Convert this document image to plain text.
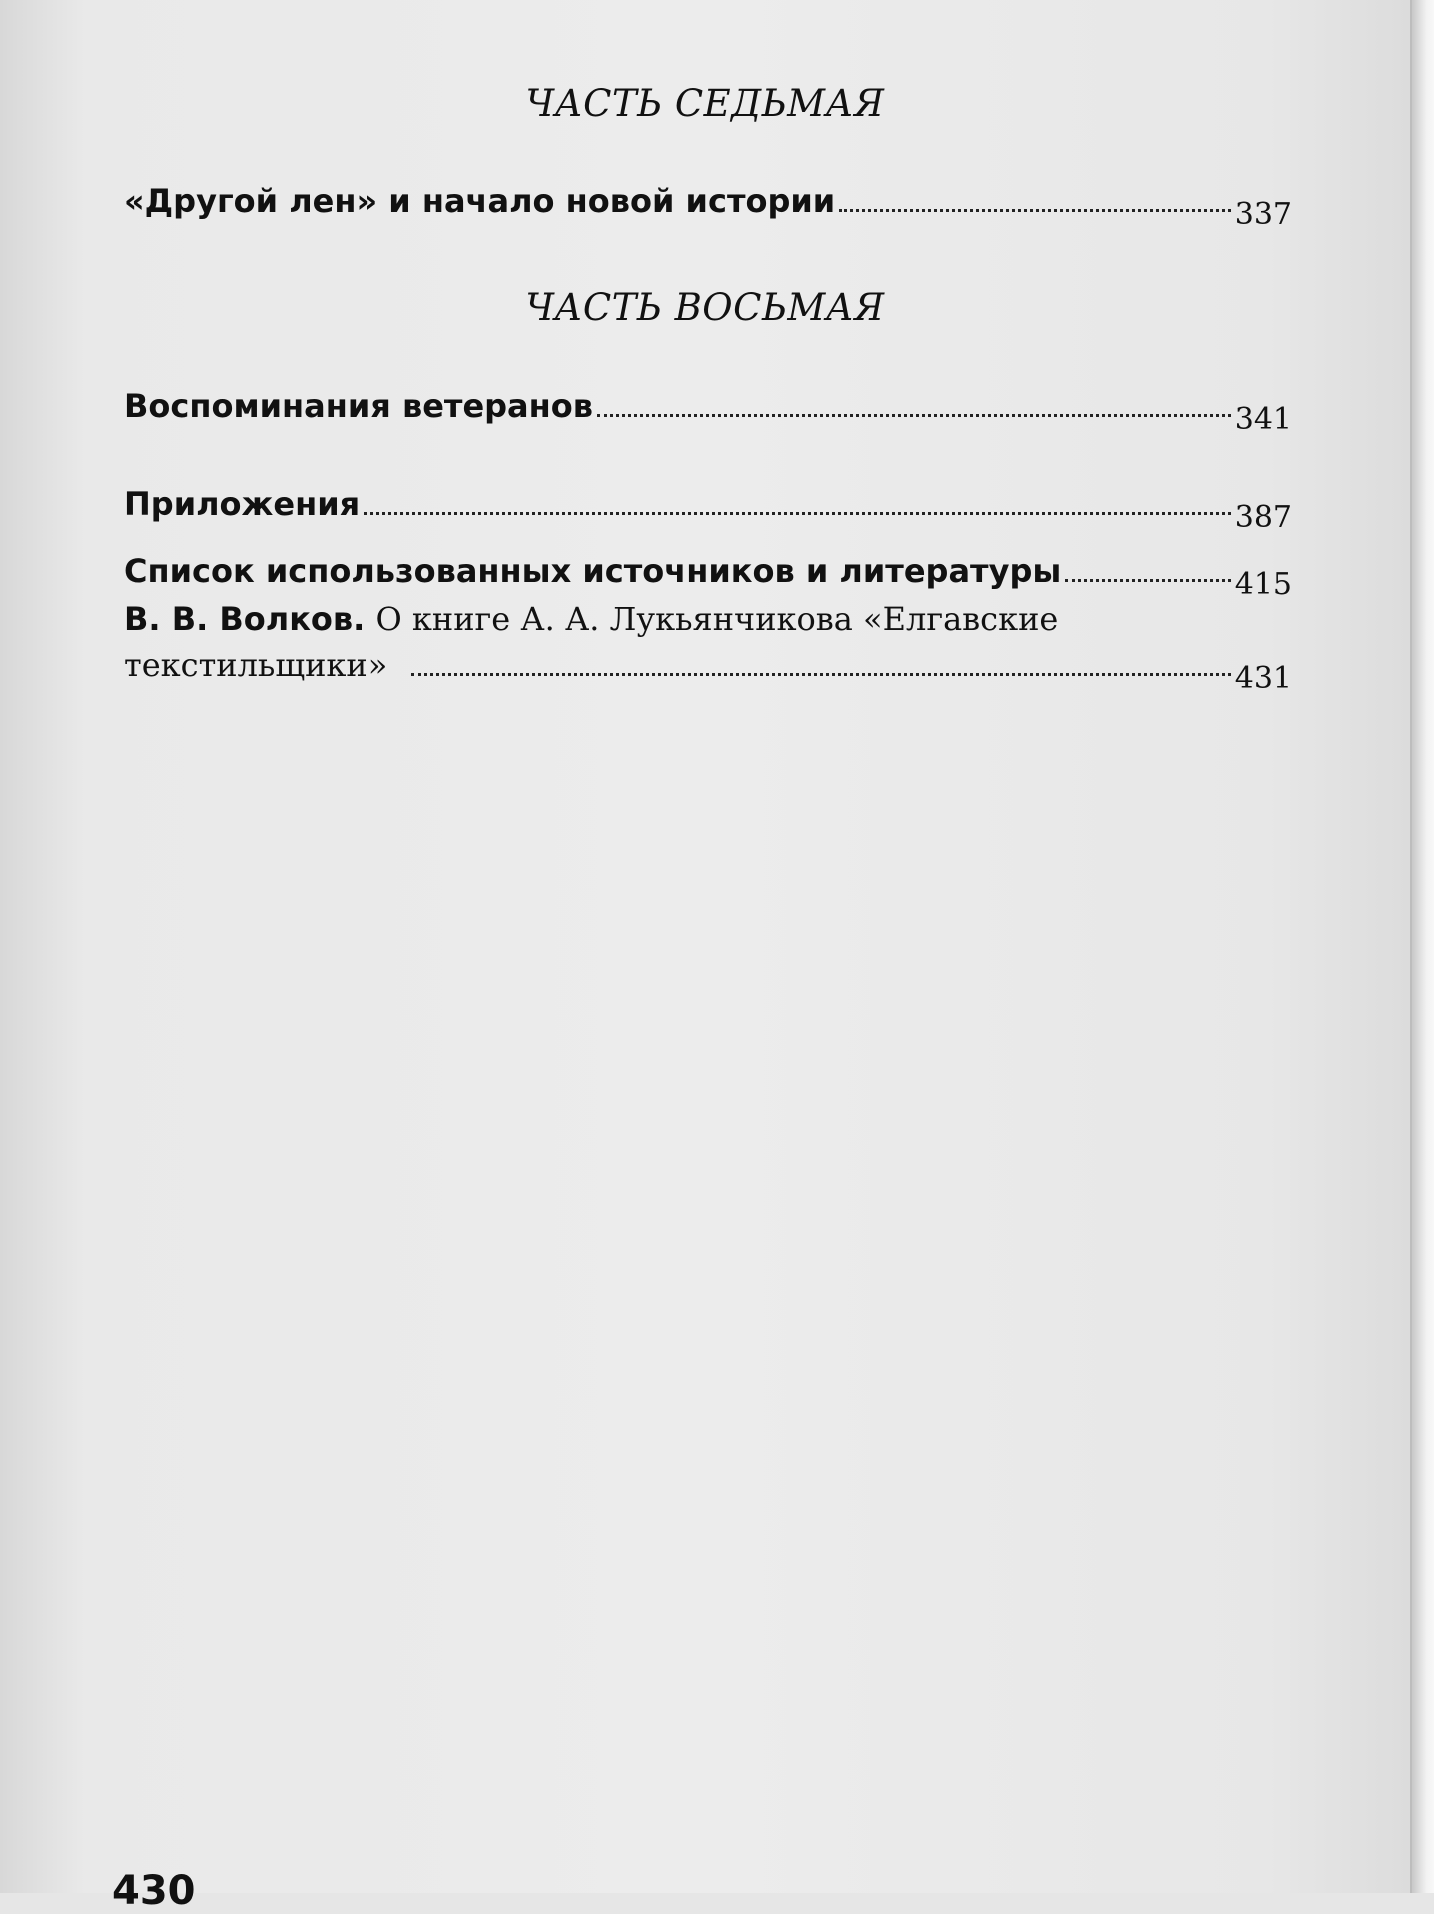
ЧАСТЬ СЕДЬМАЯ
«Другой лен» и начало новой истории	337
ЧАСТЬ ВОСЬМАЯ
Воспоминания ветеранов	341
Приложения	387
Список использованных источников и литературы	415
В. В. Волков. О книге А. А. Лукьянчикова «Елгавские
текстильщики»	431
430
